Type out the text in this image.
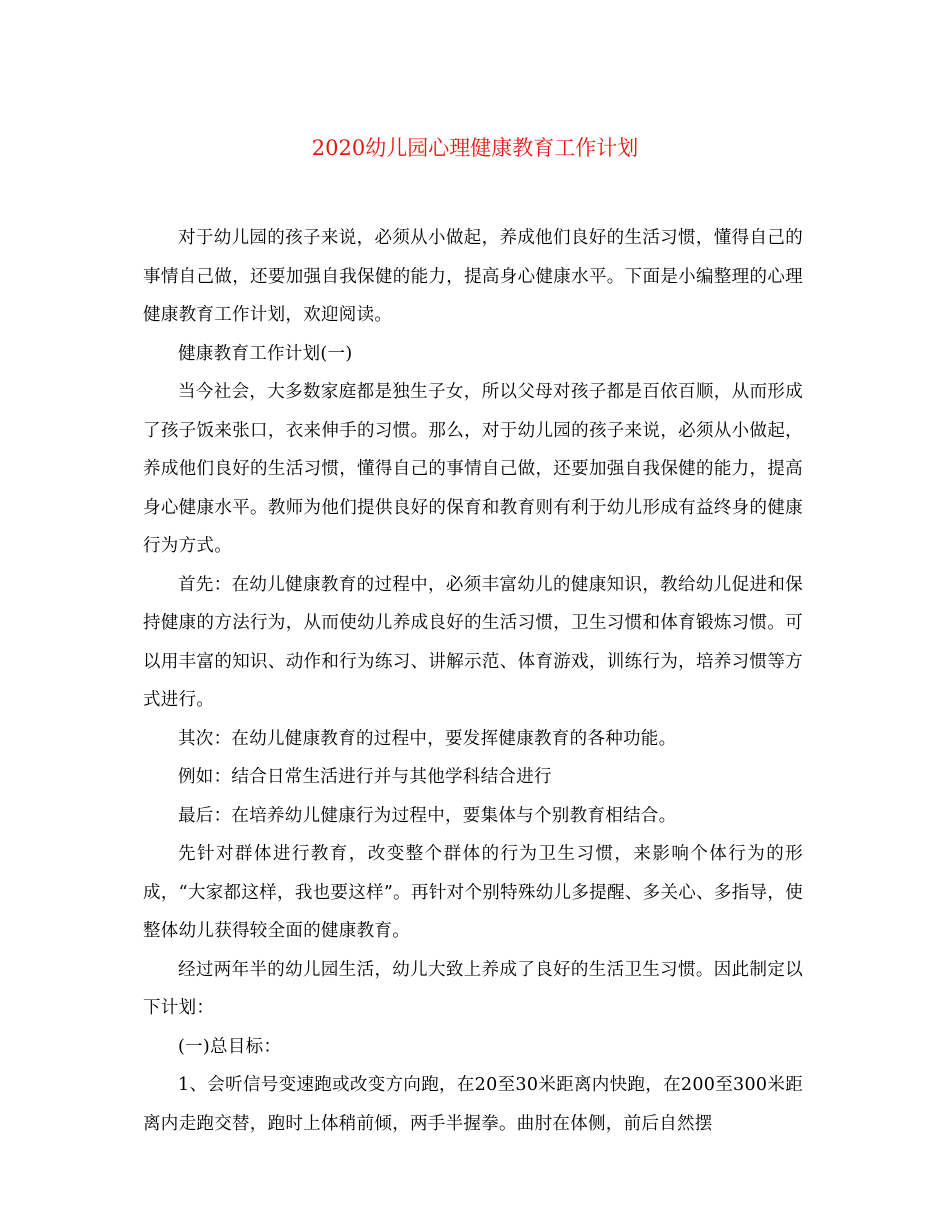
2020幼儿园心理健康教育工作计划

对于幼儿园的孩子来说，必须从小做起，养成他们良好的生活习惯，懂得自己的事情自己做，还要加强自我保健的能力，提高身心健康水平。下面是小编整理的心理健康教育工作计划，欢迎阅读。

健康教育工作计划(一)

当今社会，大多数家庭都是独生子女，所以父母对孩子都是百依百顺，从而形成了孩子饭来张口，衣来伸手的习惯。那么，对于幼儿园的孩子来说，必须从小做起，养成他们良好的生活习惯，懂得自己的事情自己做，还要加强自我保健的能力，提高身心健康水平。教师为他们提供良好的保育和教育则有利于幼儿形成有益终身的健康行为方式。

首先：在幼儿健康教育的过程中，必须丰富幼儿的健康知识，教给幼儿促进和保持健康的方法行为，从而使幼儿养成良好的生活习惯，卫生习惯和体育锻炼习惯。可以用丰富的知识、动作和行为练习、讲解示范、体育游戏，训练行为，培养习惯等方式进行。

其次：在幼儿健康教育的过程中，要发挥健康教育的各种功能。

例如：结合日常生活进行并与其他学科结合进行

最后：在培养幼儿健康行为过程中，要集体与个别教育相结合。

先针对群体进行教育，改变整个群体的行为卫生习惯，来影响个体行为的形成，“大家都这样，我也要这样”。再针对个别特殊幼儿多提醒、多关心、多指导，使整体幼儿获得较全面的健康教育。

经过两年半的幼儿园生活，幼儿大致上养成了良好的生活卫生习惯。因此制定以下计划：

(一)总目标：

1、会听信号变速跑或改变方向跑，在20至30米距离内快跑，在200至300米距离内走跑交替，跑时上体稍前倾，两手半握拳。曲肘在体侧，前后自然摆
